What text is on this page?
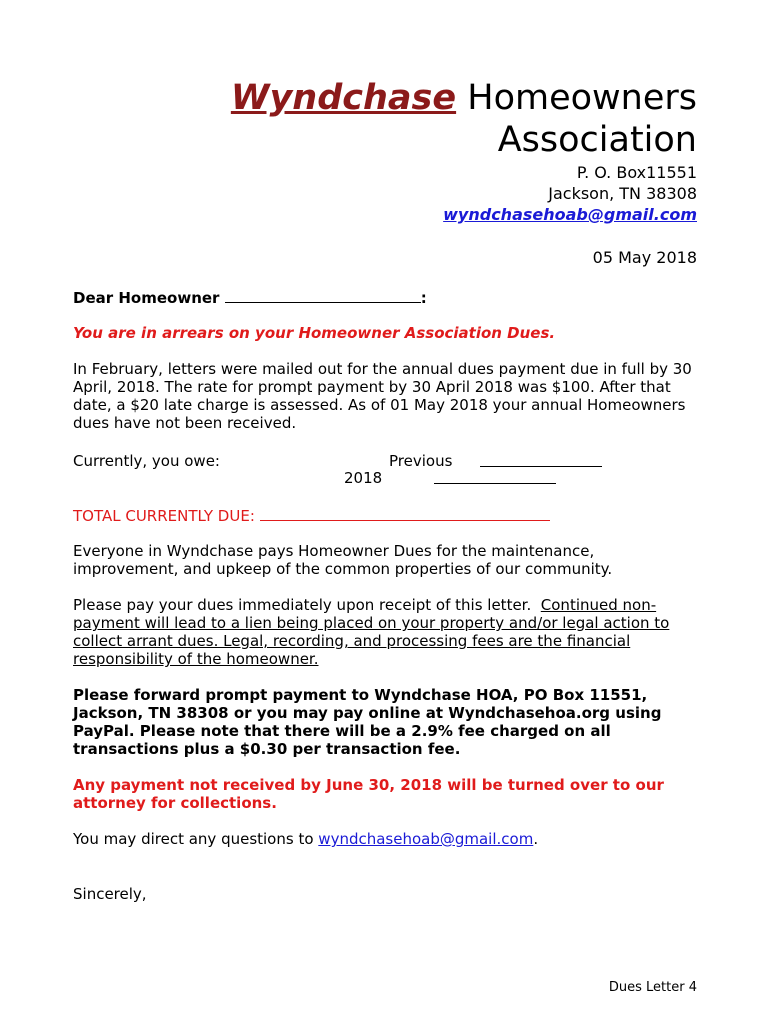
Wyndchase Homeowners
Association
P. O. Box11551
Jackson, TN 38308
wyndchasehoab@gmail.com
05 May 2018
Dear Homeowner	:
You are in arrears on your Homeowner Association Dues.
In February, letters were mailed out for the annual dues payment due in full by 30 April, 2018. The rate for prompt payment by 30 April 2018 was $100. After that date, a $20 late charge is assessed. As of 01 May 2018 your annual Homeowners dues have not been received.
Currently, you owe:	Previous
2018
TOTAL CURRENTLY DUE:
Everyone in Wyndchase pays Homeowner Dues for the maintenance, improvement, and upkeep of the common properties of our community.
Please pay your dues immediately upon receipt of this letter. Continued non-payment will lead to a lien being placed on your property and/or legal action to collect arrant dues. Legal, recording, and processing fees are the financial responsibility of the homeowner.
Please forward prompt payment to Wyndchase HOA, PO Box 11551, Jackson, TN 38308 or you may pay online at Wyndchasehoa.org using PayPal. Please note that there will be a 2.9% fee charged on all transactions plus a $0.30 per transaction fee.
Any payment not received by June 30, 2018 will be turned over to our attorney for collections.
You may direct any questions to wyndchasehoab@gmail.com.
Sincerely,
Dues Letter 4
